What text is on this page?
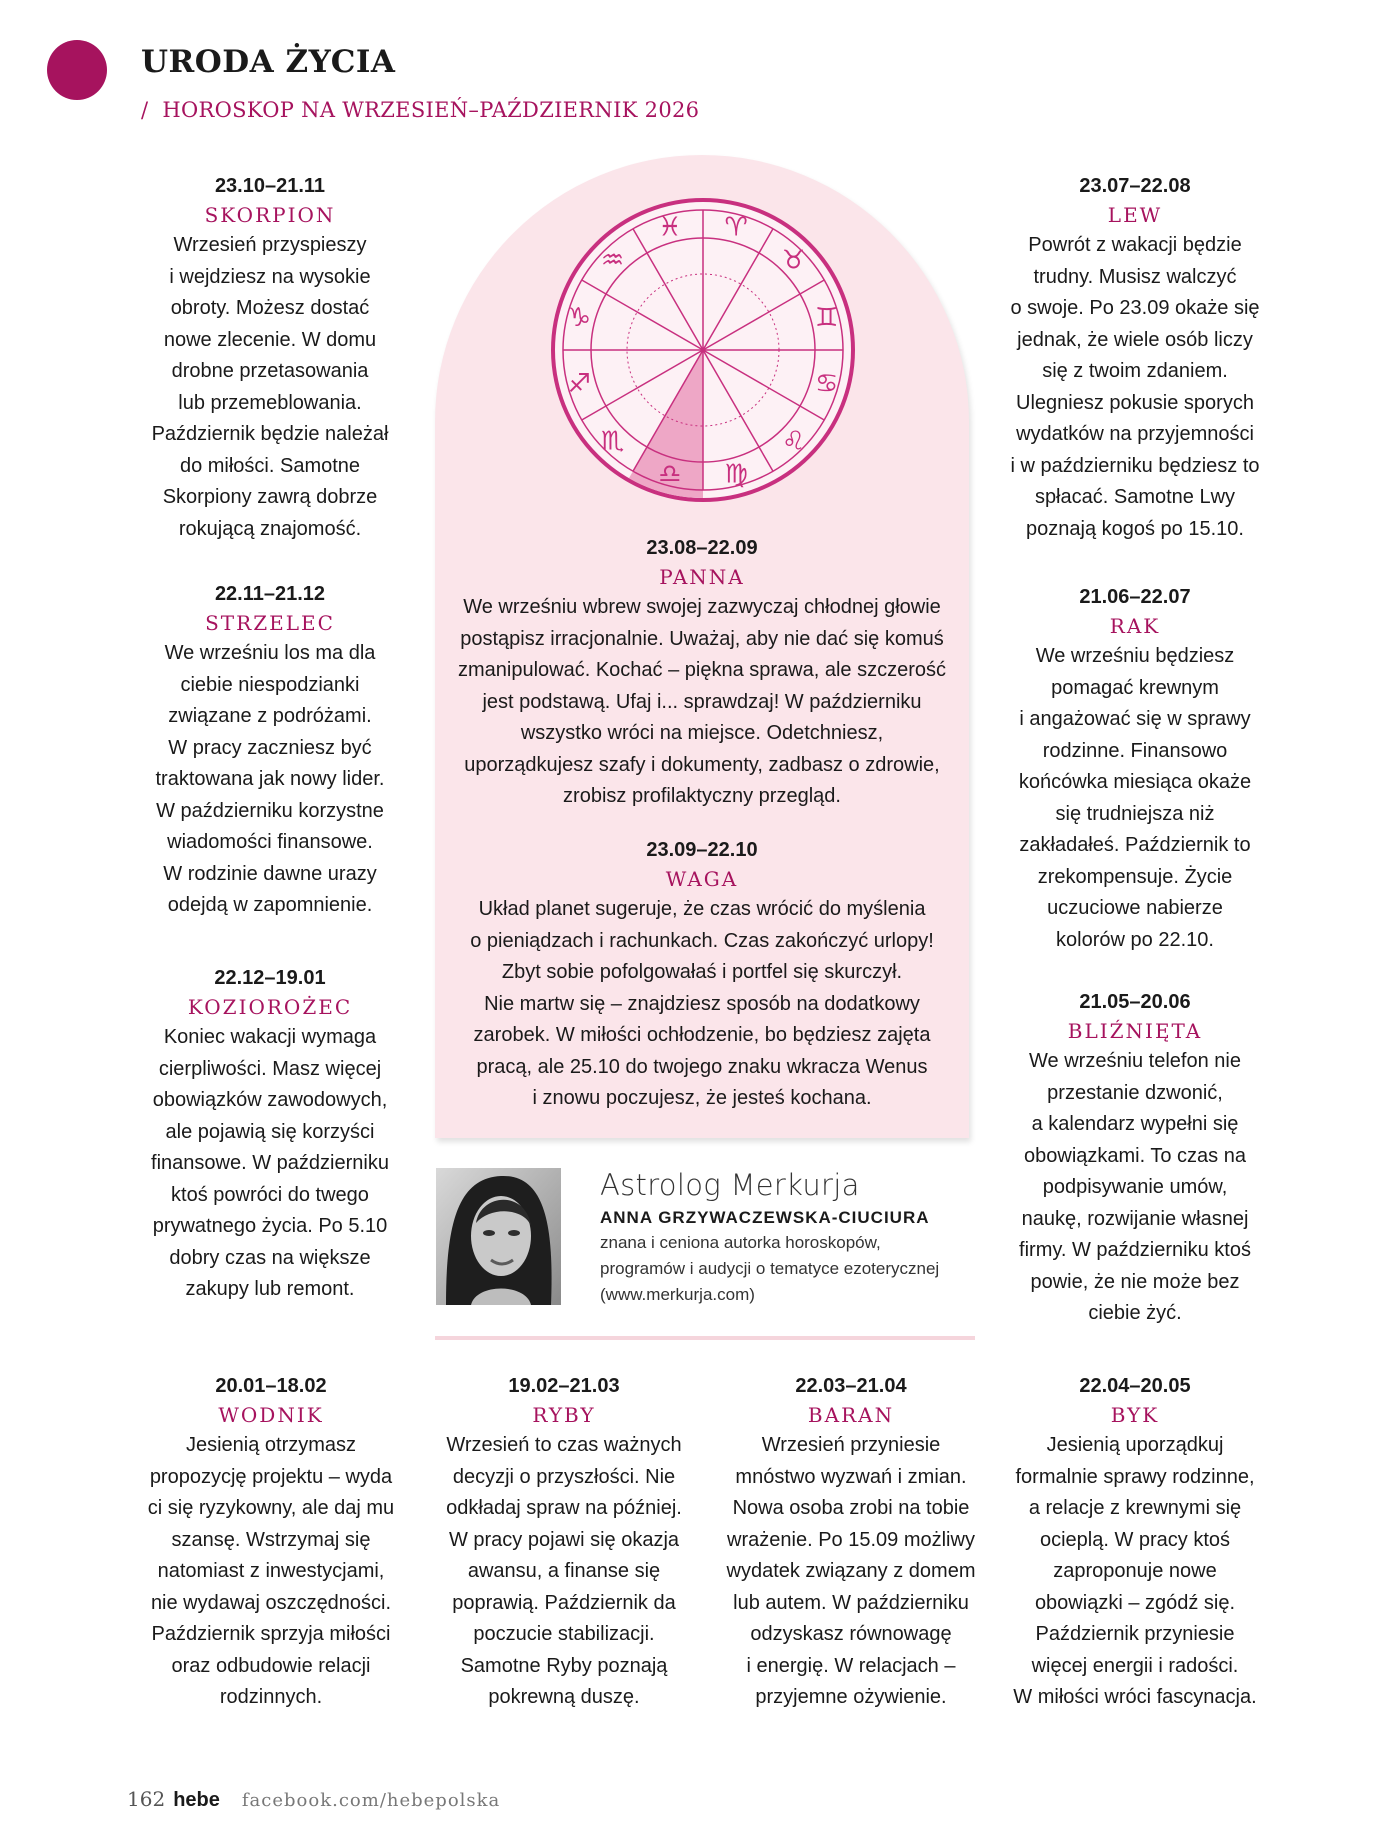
URODA ŻYCIA
/ HOROSKOP NA WRZESIEŃ–PAŹDZIERNIK 2026
♈
♉
♊
♋
♌
♍
♎
♏
♐
♑
♒
♓
23.10–21.11
SKORPION
Wrzesień przyspieszy
i wejdziesz na wysokie
obroty. Możesz dostać
nowe zlecenie. W domu
drobne przetasowania
lub przemeblowania.
Październik będzie należał
do miłości. Samotne
Skorpiony zawrą dobrze
rokującą znajomość.
22.11–21.12
STRZELEC
We wrześniu los ma dla
ciebie niespodzianki
związane z podróżami.
W pracy zaczniesz być
traktowana jak nowy lider.
W październiku korzystne
wiadomości finansowe.
W rodzinie dawne urazy
odejdą w zapomnienie.
22.12–19.01
KOZIOROŻEC
Koniec wakacji wymaga
cierpliwości. Masz więcej
obowiązków zawodowych,
ale pojawią się korzyści
finansowe. W październiku
ktoś powróci do twego
prywatnego życia. Po 5.10
dobry czas na większe
zakupy lub remont.
23.07–22.08
LEW
Powrót z wakacji będzie
trudny. Musisz walczyć
o swoje. Po 23.09 okaże się
jednak, że wiele osób liczy
się z twoim zdaniem.
Ulegniesz pokusie sporych
wydatków na przyjemności
i w październiku będziesz to
spłacać. Samotne Lwy
poznają kogoś po 15.10.
21.06–22.07
RAK
We wrześniu będziesz
pomagać krewnym
i angażować się w sprawy
rodzinne. Finansowo
końcówka miesiąca okaże
się trudniejsza niż
zakładałeś. Październik to
zrekompensuje. Życie
uczuciowe nabierze
kolorów po 22.10.
21.05–20.06
BLIŹNIĘTA
We wrześniu telefon nie
przestanie dzwonić,
a kalendarz wypełni się
obowiązkami. To czas na
podpisywanie umów,
naukę, rozwijanie własnej
firmy. W październiku ktoś
powie, że nie może bez
ciebie żyć.
23.08–22.09
PANNA
We wrześniu wbrew swojej zazwyczaj chłodnej głowie
postąpisz irracjonalnie. Uważaj, aby nie dać się komuś
zmanipulować. Kochać – piękna sprawa, ale szczerość
jest podstawą. Ufaj i... sprawdzaj! W październiku
wszystko wróci na miejsce. Odetchniesz,
uporządkujesz szafy i dokumenty, zadbasz o zdrowie,
zrobisz profilaktyczny przegląd.
23.09–22.10
WAGA
Układ planet sugeruje, że czas wrócić do myślenia
o pieniądzach i rachunkach. Czas zakończyć urlopy!
Zbyt sobie pofolgowałaś i portfel się skurczył.
Nie martw się – znajdziesz sposób na dodatkowy
zarobek. W miłości ochłodzenie, bo będziesz zajęta
pracą, ale 25.10 do twojego znaku wkracza Wenus
i znowu poczujesz, że jesteś kochana.
Astrolog Merkurja
ANNA GRZYWACZEWSKA-CIUCIURA
znana i ceniona autorka horoskopów,
programów i audycji o tematyce ezoterycznej
(www.merkurja.com)
20.01–18.02
WODNIK
Jesienią otrzymasz
propozycję projektu – wyda
ci się ryzykowny, ale daj mu
szansę. Wstrzymaj się
natomiast z inwestycjami,
nie wydawaj oszczędności.
Październik sprzyja miłości
oraz odbudowie relacji
rodzinnych.
19.02–21.03
RYBY
Wrzesień to czas ważnych
decyzji o przyszłości. Nie
odkładaj spraw na później.
W pracy pojawi się okazja
awansu, a finanse się
poprawią. Październik da
poczucie stabilizacji.
Samotne Ryby poznają
pokrewną duszę.
22.03–21.04
BARAN
Wrzesień przyniesie
mnóstwo wyzwań i zmian.
Nowa osoba zrobi na tobie
wrażenie. Po 15.09 możliwy
wydatek związany z domem
lub autem. W październiku
odzyskasz równowagę
i energię. W relacjach –
przyjemne ożywienie.
22.04–20.05
BYK
Jesienią uporządkuj
formalnie sprawy rodzinne,
a relacje z krewnymi się
ocieplą. W pracy ktoś
zaproponuje nowe
obowiązki – zgódź się.
Październik przyniesie
więcej energii i radości.
W miłości wróci fascynacja.
162 hebe facebook.com/hebepolska
